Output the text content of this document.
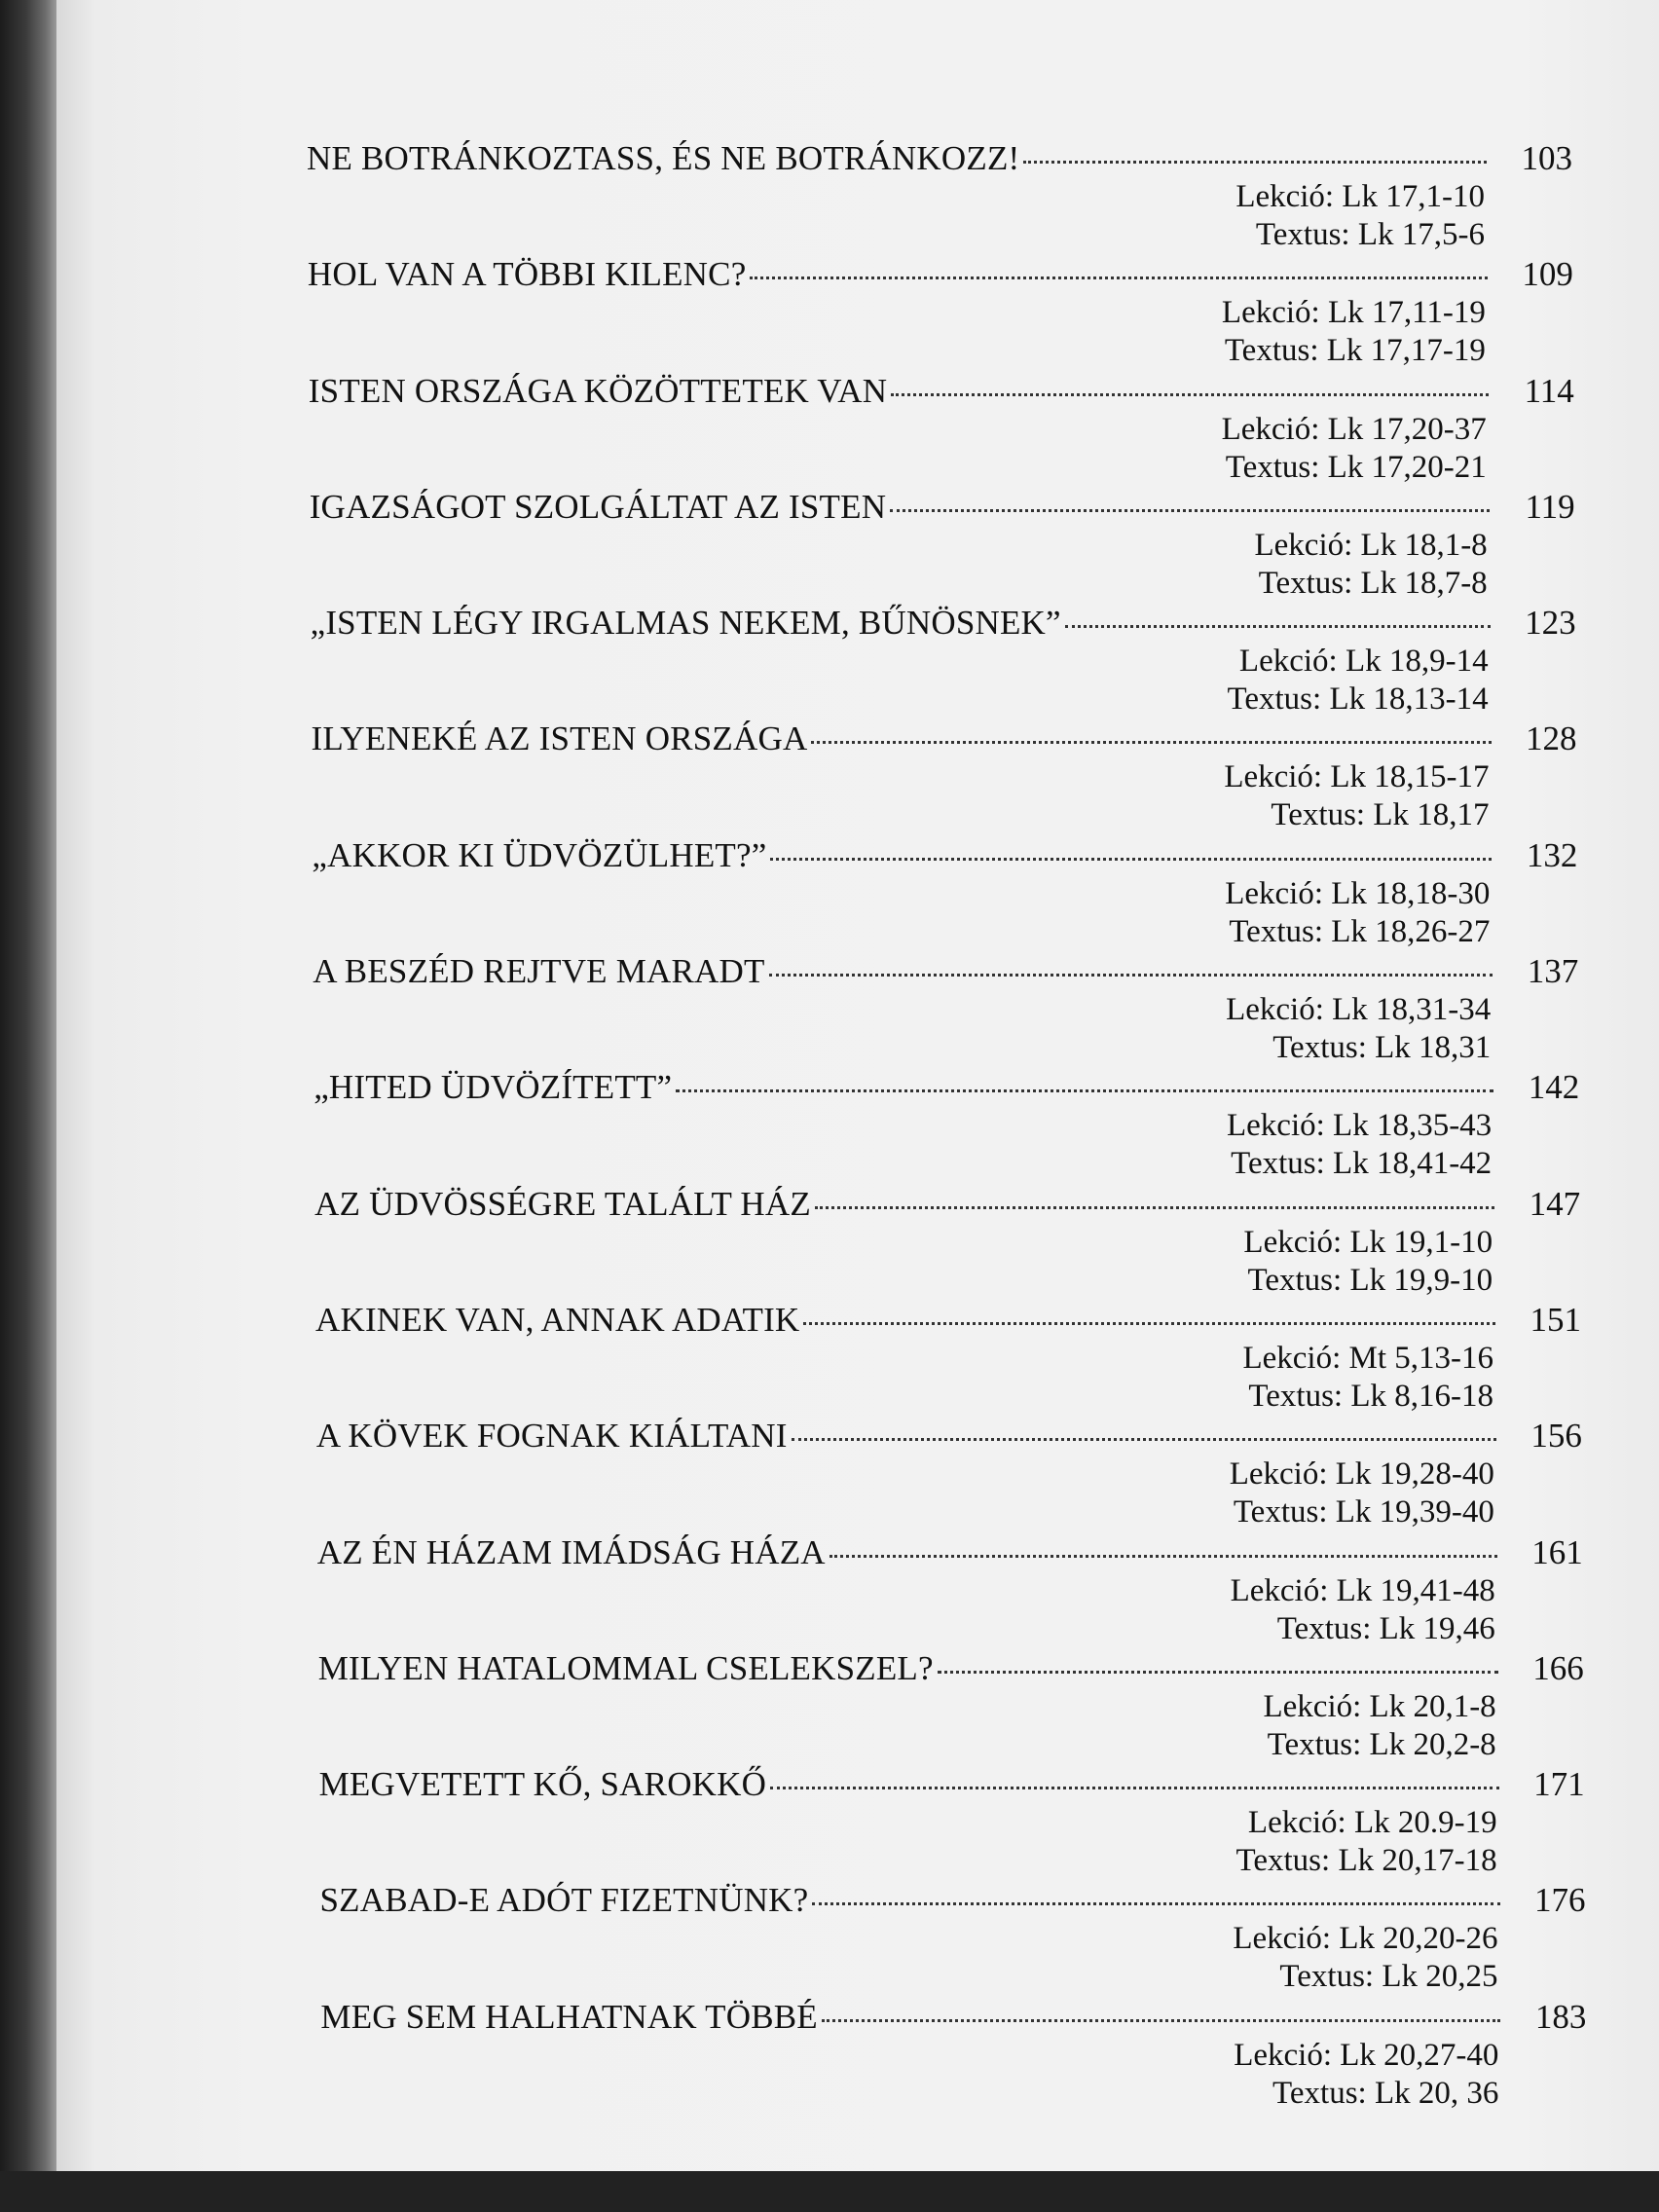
NE BOTRÁNKOZTASS, ÉS NE BOTRÁNKOZZ!	103
Lekció: Lk 17,1-10
Textus: Lk 17,5-6
HOL VAN A TÖBBI KILENC?	109
Lekció: Lk 17,11-19
Textus: Lk 17,17-19
ISTEN ORSZÁGA KÖZÖTTETEK VAN	114
Lekció: Lk 17,20-37
Textus: Lk 17,20-21
IGAZSÁGOT SZOLGÁLTAT AZ ISTEN	119
Lekció: Lk 18,1-8
Textus: Lk 18,7-8
„ISTEN LÉGY IRGALMAS NEKEM, BŰNÖSNEK”	123
Lekció: Lk 18,9-14
Textus: Lk 18,13-14
ILYENEKÉ AZ ISTEN ORSZÁGA	128
Lekció: Lk 18,15-17
Textus: Lk 18,17
„AKKOR KI ÜDVÖZÜLHET?”	132
Lekció: Lk 18,18-30
Textus: Lk 18,26-27
A BESZÉD REJTVE MARADT	137
Lekció: Lk 18,31-34
Textus: Lk 18,31
„HITED ÜDVÖZÍTETT”	142
Lekció: Lk 18,35-43
Textus: Lk 18,41-42
AZ ÜDVÖSSÉGRE TALÁLT HÁZ	147
Lekció: Lk 19,1-10
Textus: Lk 19,9-10
AKINEK VAN, ANNAK ADATIK	151
Lekció: Mt 5,13-16
Textus: Lk 8,16-18
A KÖVEK FOGNAK KIÁLTANI	156
Lekció: Lk 19,28-40
Textus: Lk 19,39-40
AZ ÉN HÁZAM IMÁDSÁG HÁZA	161
Lekció: Lk 19,41-48
Textus: Lk 19,46
MILYEN HATALOMMAL CSELEKSZEL?	166
Lekció: Lk 20,1-8
Textus: Lk 20,2-8
MEGVETETT KŐ, SAROKKŐ	171
Lekció: Lk 20.9-19
Textus: Lk 20,17-18
SZABAD-E ADÓT FIZETNÜNK?	176
Lekció: Lk 20,20-26
Textus: Lk 20,25
MEG SEM HALHATNAK TÖBBÉ	183
Lekció: Lk 20,27-40
Textus: Lk 20, 36
